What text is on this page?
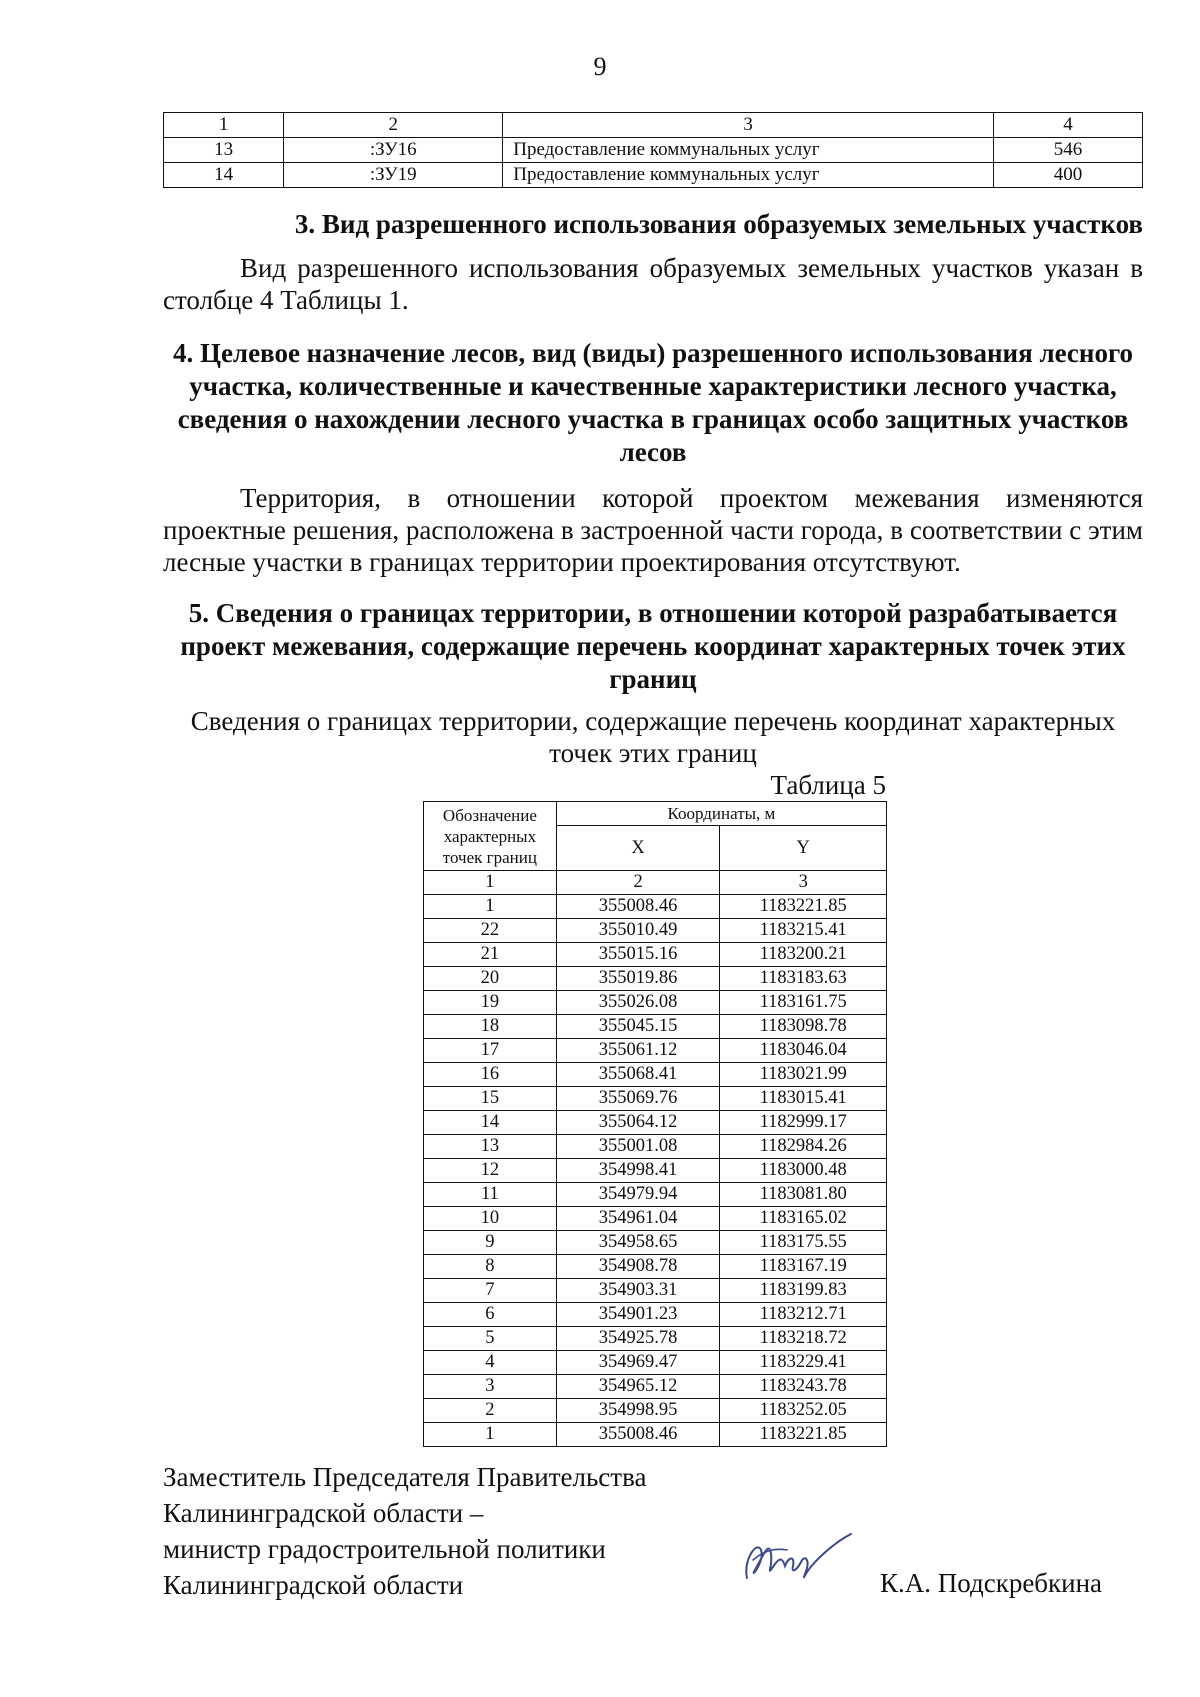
9
1	2	3	4
13	:ЗУ16	Предоставление коммунальных услуг	546
14	:ЗУ19	Предоставление коммунальных услуг	400
3. Вид разрешенного использования образуемых земельных участков
Вид разрешенного использования образуемых земельных участков указан в столбце 4 Таблицы 1.
4. Целевое назначение лесов, вид (виды) разрешенного использования лесного участка, количественные и качественные характеристики лесного участка, сведения о нахождении лесного участка в границах особо защитных участков лесов
Территория, в отношении которой проектом межевания изменяются проектные решения, расположена в застроенной части города, в соответствии с этим лесные участки в границах территории проектирования отсутствуют.
5. Сведения о границах территории, в отношении которой разрабатывается проект межевания, содержащие перечень координат характерных точек этих границ
Сведения о границах территории, содержащие перечень координат характерных точек этих границ
Таблица 5
Обозначение характерных точек границ	Координаты, м	
	X	Y
1	2	3
1	355008.46	1183221.85
22	355010.49	1183215.41
21	355015.16	1183200.21
20	355019.86	1183183.63
19	355026.08	1183161.75
18	355045.15	1183098.78
17	355061.12	1183046.04
16	355068.41	1183021.99
15	355069.76	1183015.41
14	355064.12	1182999.17
13	355001.08	1182984.26
12	354998.41	1183000.48
11	354979.94	1183081.80
10	354961.04	1183165.02
9	354958.65	1183175.55
8	354908.78	1183167.19
7	354903.31	1183199.83
6	354901.23	1183212.71
5	354925.78	1183218.72
4	354969.47	1183229.41
3	354965.12	1183243.78
2	354998.95	1183252.05
1	355008.46	1183221.85
Заместитель Председателя Правительства
Калининградской области –
министр градостроительной политики
Калининградской области	К.А. Подскребкина
